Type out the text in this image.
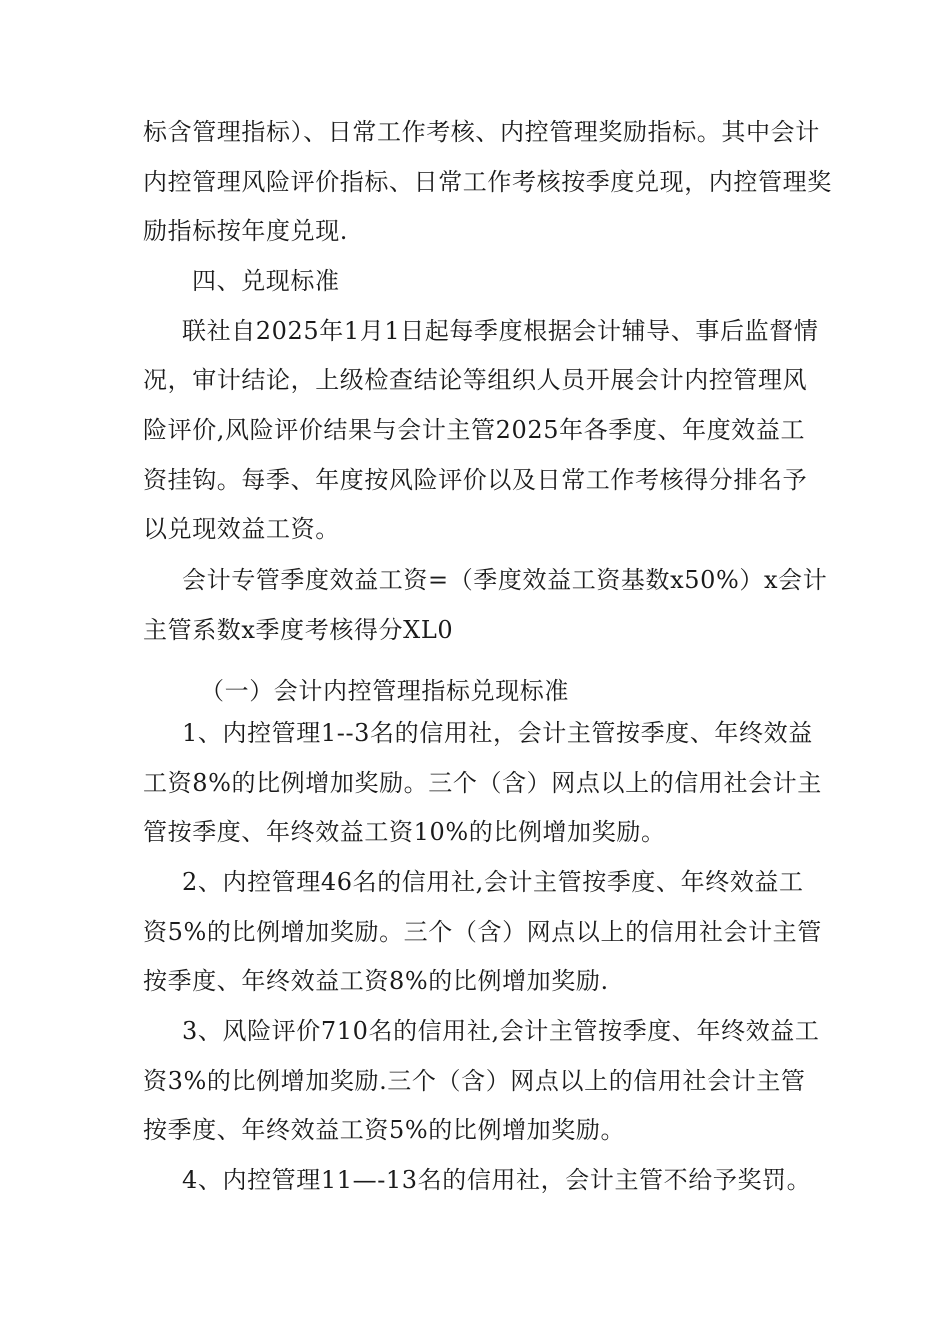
标含管理指标）、日常工作考核、内控管理奖励指标。其中会计

内控管理风险评价指标、日常工作考核按季度兑现，内控管理奖

励指标按年度兑现.

四、兑现标准

联社自2025年1月1日起每季度根据会计辅导、事后监督情

况，审计结论，上级检查结论等组织人员开展会计内控管理风

险评价,风险评价结果与会计主管2025年各季度、年度效益工

资挂钩。每季、年度按风险评价以及日常工作考核得分排名予

以兑现效益工资。

会计专管季度效益工资=（季度效益工资基数x50%）x会计

主管系数x季度考核得分XL0

（一）会计内控管理指标兑现标准

1、内控管理1--3名的信用社，会计主管按季度、年终效益

工资8%的比例增加奖励。三个（含）网点以上的信用社会计主

管按季度、年终效益工资10%的比例增加奖励。

2、内控管理46名的信用社,会计主管按季度、年终效益工

资5%的比例增加奖励。三个（含）网点以上的信用社会计主管

按季度、年终效益工资8%的比例增加奖励.

3、风险评价710名的信用社,会计主管按季度、年终效益工

资3%的比例增加奖励.三个（含）网点以上的信用社会计主管

按季度、年终效益工资5%的比例增加奖励。

4、内控管理11—-13名的信用社，会计主管不给予奖罚。
